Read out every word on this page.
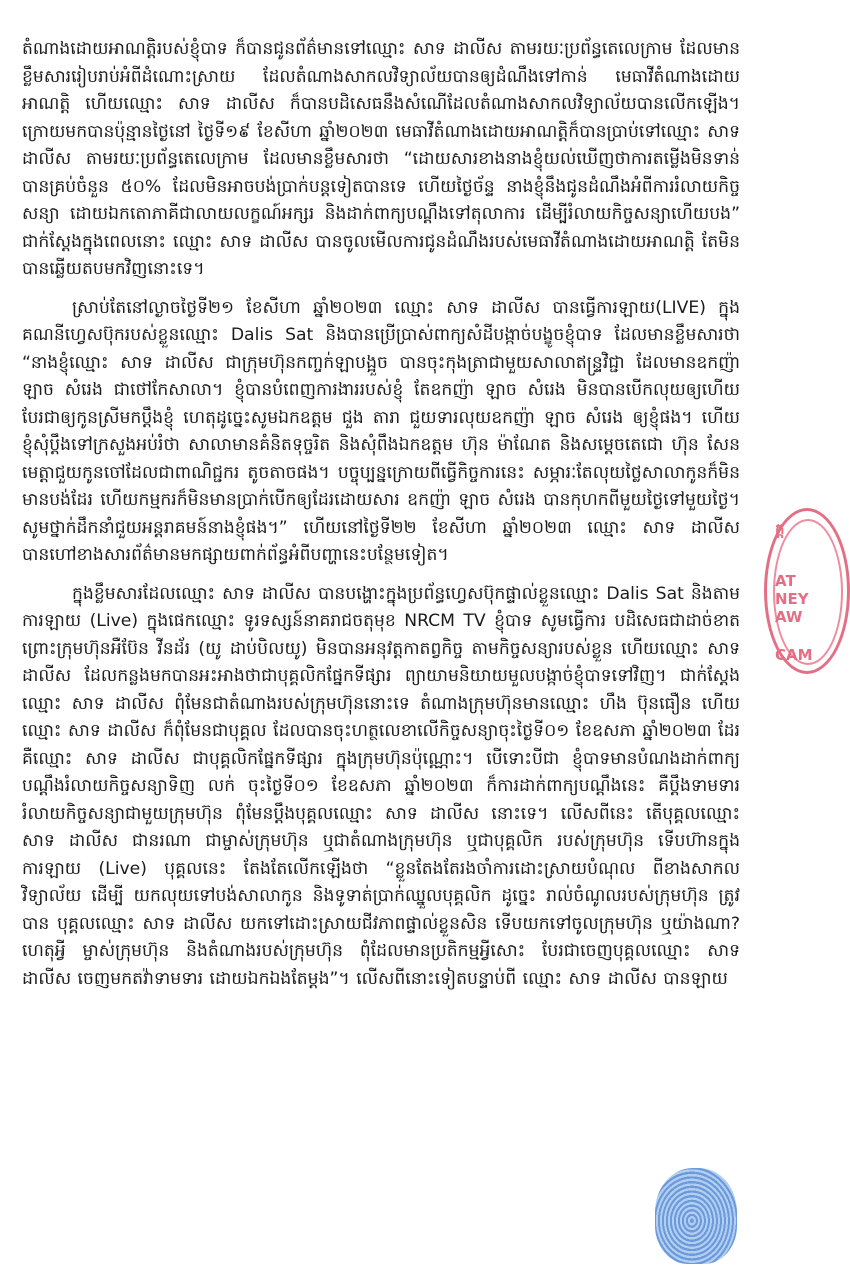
តំណាងដោយអាណត្តិរបស់ខ្ញុំបាទ ក៏បានជូនព័ត៌មានទៅឈ្មោះ សាទ ដាលីស តាមរយៈប្រព័ន្ធតេលេក្រាម ដែលមានខ្លឹមសាររៀបរាប់អំពីដំណោះស្រាយ ដែលតំណាងសាកលវិទ្យាល័យបានឲ្យដំណឹងទៅកាន់ មេធាវីតំណាងដោយអាណត្តិ ហើយឈ្មោះ សាទ ដាលីស ក៏បានបដិសេធនឹងសំណើដែលតំណាងសាកលវិទ្យាល័យបានលើកឡើង។ ក្រោយមកបានប៉ុន្មានថ្ងៃនៅ ថ្ងៃទី១៩ ខែសីហា ឆ្នាំ២០២៣ មេធាវីតំណាងដោយអាណត្តិក៏បានប្រាប់ទៅឈ្មោះ សាទ ដាលីស តាមរយៈប្រព័ន្ធតេលេក្រាម ដែលមានខ្លឹមសារថា “ដោយសារខាងនាងខ្ញុំយល់ឃើញថាការតម្លើងមិនទាន់បានគ្រប់ចំនួន ៥០% ដែលមិនអាចបង់ប្រាក់បន្តទៀតបានទេ ហើយថ្ងៃច័ន្ទ នាងខ្ញុំនឹងជូនដំណឹងអំពីការរំលាយកិច្ចសន្យា ដោយឯកតោភាគីជាលាយលក្ខណ៍អក្សរ និងដាក់ពាក្យបណ្ដឹងទៅតុលាការ ដើម្បីរំលាយកិច្ចសន្យាហើយបង” ជាក់ស្ដែងក្នុងពេលនោះ ឈ្មោះ សាទ ដាលីស បានចូលមើលការជូនដំណឹងរបស់មេធាវីតំណាងដោយអាណត្តិ តែមិនបានឆ្លើយតបមកវិញនោះទេ។

ស្រាប់តែនៅល្ងាចថ្ងៃទី២១ ខែសីហា ឆ្នាំ២០២៣ ឈ្មោះ សាទ ដាលីស បានធ្វើការឡាយ(LIVE) ក្នុងគណនីហ្វេសប៊ុករបស់ខ្លួនឈ្មោះ Dalis Sat និងបានប្រើប្រាស់ពាក្យសំដីបង្កាច់បង្ខូចខ្ញុំបាទ ដែលមានខ្លឹមសារថា “នាងខ្ញុំឈ្មោះ សាទ ដាលីស ជាក្រុមហ៊ុនកញ្ចក់ឡាបង្អួច បានចុះកុងត្រាជាមួយសាលាឥន្ទ្រវិជ្ជា ដែលមានឧកញ៉ា ឡាច សំរេង ជាថៅកែសាលា។ ខ្ញុំបានបំពេញការងាររបស់ខ្ញុំ តែឧកញ៉ា ឡាច សំរេង មិនបានបើកលុយឲ្យហើយបែរជាឲ្យកូនស្រីមកប្ដឹងខ្ញុំ ហេតុដូច្នេះសូមឯកឧត្ដម ជួង តារា ជួយទារលុយឧកញ៉ា ឡាច សំរេង ឲ្យខ្ញុំផង។ ហើយខ្ញុំសុំប្ដឹងទៅក្រសួងអប់រំថា សាលាមានគំនិតទុច្ចរិត និងសុំពឹងឯកឧត្ដម ហ៊ុន ម៉ាណែត និងសម្ដេចតេជោ ហ៊ុន សែន មេត្តាជួយកូនចៅដែលជាពាណិជ្ជករ តូចតាចផង។ បច្ចុប្បន្នក្រោយពីធ្វើកិច្ចការនេះ សម្ភារៈតែលុយថ្លៃសាលាកូនក៏មិនមានបង់ដែរ ហើយកម្មករក៏មិនមានប្រាក់បើកឲ្យដែរដោយសារ ឧកញ៉ា ឡាច សំរេង បានកុហកពីមួយថ្ងៃទៅមួយថ្ងៃ។ សូមថ្នាក់ដឹកនាំជួយអន្តរាគមន៍នាងខ្ញុំផង។” ហើយនៅថ្ងៃទី២២ ខែសីហា ឆ្នាំ២០២៣ ឈ្មោះ សាទ ដាលីស បានហៅខាងសារព័ត៌មានមកផ្សាយពាក់ព័ន្ធអំពីបញ្ហានេះបន្ថែមទៀត។

ក្នុងខ្លឹមសារដែលឈ្មោះ សាទ ដាលីស បានបង្ហោះក្នុងប្រព័ន្ធហ្វេសប៊ុកផ្ទាល់ខ្លួនឈ្មោះ Dalis Sat និងតាមការឡាយ (Live) ក្នុងផេកឈ្មោះ ទូរទស្សន៍នាគរាជចតុមុខ NRCM TV ខ្ញុំបាទ សូមធ្វើការ បដិសេធជាដាច់ខាត ព្រោះក្រុមហ៊ុនអឺប៊ែន វីនដ័រ (យូ ដាប់បិលយូ) មិនបានអនុវត្តកាតព្វកិច្ច តាមកិច្ចសន្យារបស់ខ្លួន ហើយឈ្មោះ សាទ ដាលីស ដែលកន្លងមកបានអះអាងថាជាបុគ្គលិកផ្នែកទីផ្សារ ព្យាយាមនិយាយមួលបង្កាច់ខ្ញុំបាទទៅវិញ។ ជាក់ស្ដែង ឈ្មោះ សាទ ដាលីស ពុំមែនជាតំណាងរបស់ក្រុមហ៊ុននោះទេ តំណាងក្រុមហ៊ុនមានឈ្មោះ ហឹង ប៊ុនធឿន ហើយឈ្មោះ សាទ ដាលីស ក៏ពុំមែនជាបុគ្គល ដែលបានចុះហត្ថលេខាលើកិច្ចសន្យាចុះថ្ងៃទី០១ ខែឧសភា ឆ្នាំ២០២៣ ដែរ គឺឈ្មោះ សាទ ដាលីស ជាបុគ្គលិកផ្នែកទីផ្សារ ក្នុងក្រុមហ៊ុនប៉ុណ្ណោះ។ បើទោះបីជា ខ្ញុំបាទមានបំណងដាក់ពាក្យបណ្ដឹងរំលាយកិច្ចសន្យាទិញ លក់ ចុះថ្ងៃទី០១ ខែឧសភា ឆ្នាំ២០២៣ ក៏ការដាក់ពាក្យបណ្ដឹងនេះ គឺប្ដឹងទាមទាររំលាយកិច្ចសន្យាជាមួយក្រុមហ៊ុន ពុំមែនប្ដឹងបុគ្គលឈ្មោះ សាទ ដាលីស នោះទេ។ លើសពីនេះ តើបុគ្គលឈ្មោះ សាទ ដាលីស ជានរណា ជាម្ចាស់ក្រុមហ៊ុន ឬជាតំណាងក្រុមហ៊ុន ឬជាបុគ្គលិក របស់ក្រុមហ៊ុន ទើបហ៊ានក្នុងការឡាយ (Live) បុគ្គលនេះ តែងតែលើកឡើងថា “ខ្លួនតែងតែរងចាំការដោះស្រាយបំណុល ពីខាងសាកលវិទ្យាល័យ ដើម្បី យកលុយទៅបង់សាលាកូន និងទូទាត់ប្រាក់ឈ្នួលបុគ្គលិក ដូច្នេះ រាល់ចំណូលរបស់ក្រុមហ៊ុន ត្រូវបាន បុគ្គលឈ្មោះ សាទ ដាលីស យកទៅដោះស្រាយជីវភាពផ្ទាល់ខ្លួនសិន ទើបយកទៅចូលក្រុមហ៊ុន ឬយ៉ាងណា? ហេតុអ្វី ម្ចាស់ក្រុមហ៊ុន និងតំណាងរបស់ក្រុមហ៊ុន ពុំដែលមានប្រតិកម្មអ្វីសោះ បែរជាចេញបុគ្គលឈ្មោះ សាទ ដាលីស ចេញមកតវ៉ាទាមទារ ដោយឯកឯងតែម្ដង”។ លើសពីនោះទៀតបន្ទាប់ពី ឈ្មោះ សាទ ដាលីស បានឡាយ

ត្ត
AT
NEY
AW
CAM
